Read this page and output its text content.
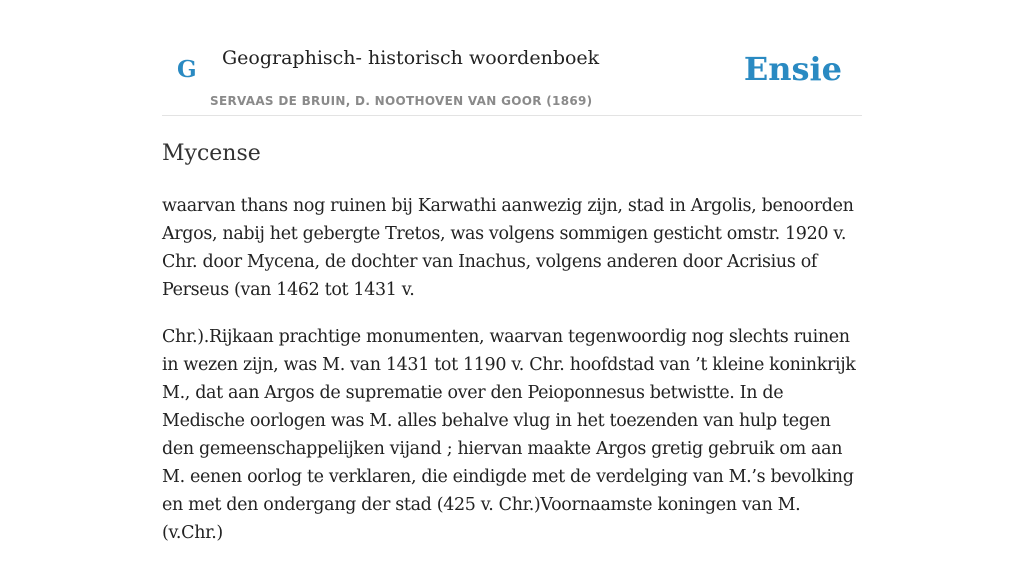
G Geographisch- historisch woordenboek
SERVAAS DE BRUIN, D. NOOTHOVEN VAN GOOR (1869)
Ensie
Mycense

waarvan thans nog ruinen bij Karwathi aanwezig zijn, stad in Argolis, benoorden Argos, nabij het gebergte Tretos, was volgens sommigen gesticht omstr. 1920 v. Chr. door Mycena, de dochter van Inachus, volgens anderen door Acrisius of Perseus (van 1462 tot 1431 v.

Chr.).Rijkaan prachtige monumenten, waarvan tegenwoordig nog slechts ruinen in wezen zijn, was M. van 1431 tot 1190 v. Chr. hoofdstad van ’t kleine koninkrijk M., dat aan Argos de suprematie over den Peioponnesus betwistte. In de Medische oorlogen was M. alles behalve vlug in het toezenden van hulp tegen den gemeenschappelijken vijand ; hiervan maakte Argos gretig gebruik om aan M. eenen oorlog te verklaren, die eindigde met de verdelging van M.’s bevolking en met den ondergang der stad (425 v. Chr.)Voornaamste koningen van M. (v.Chr.)
